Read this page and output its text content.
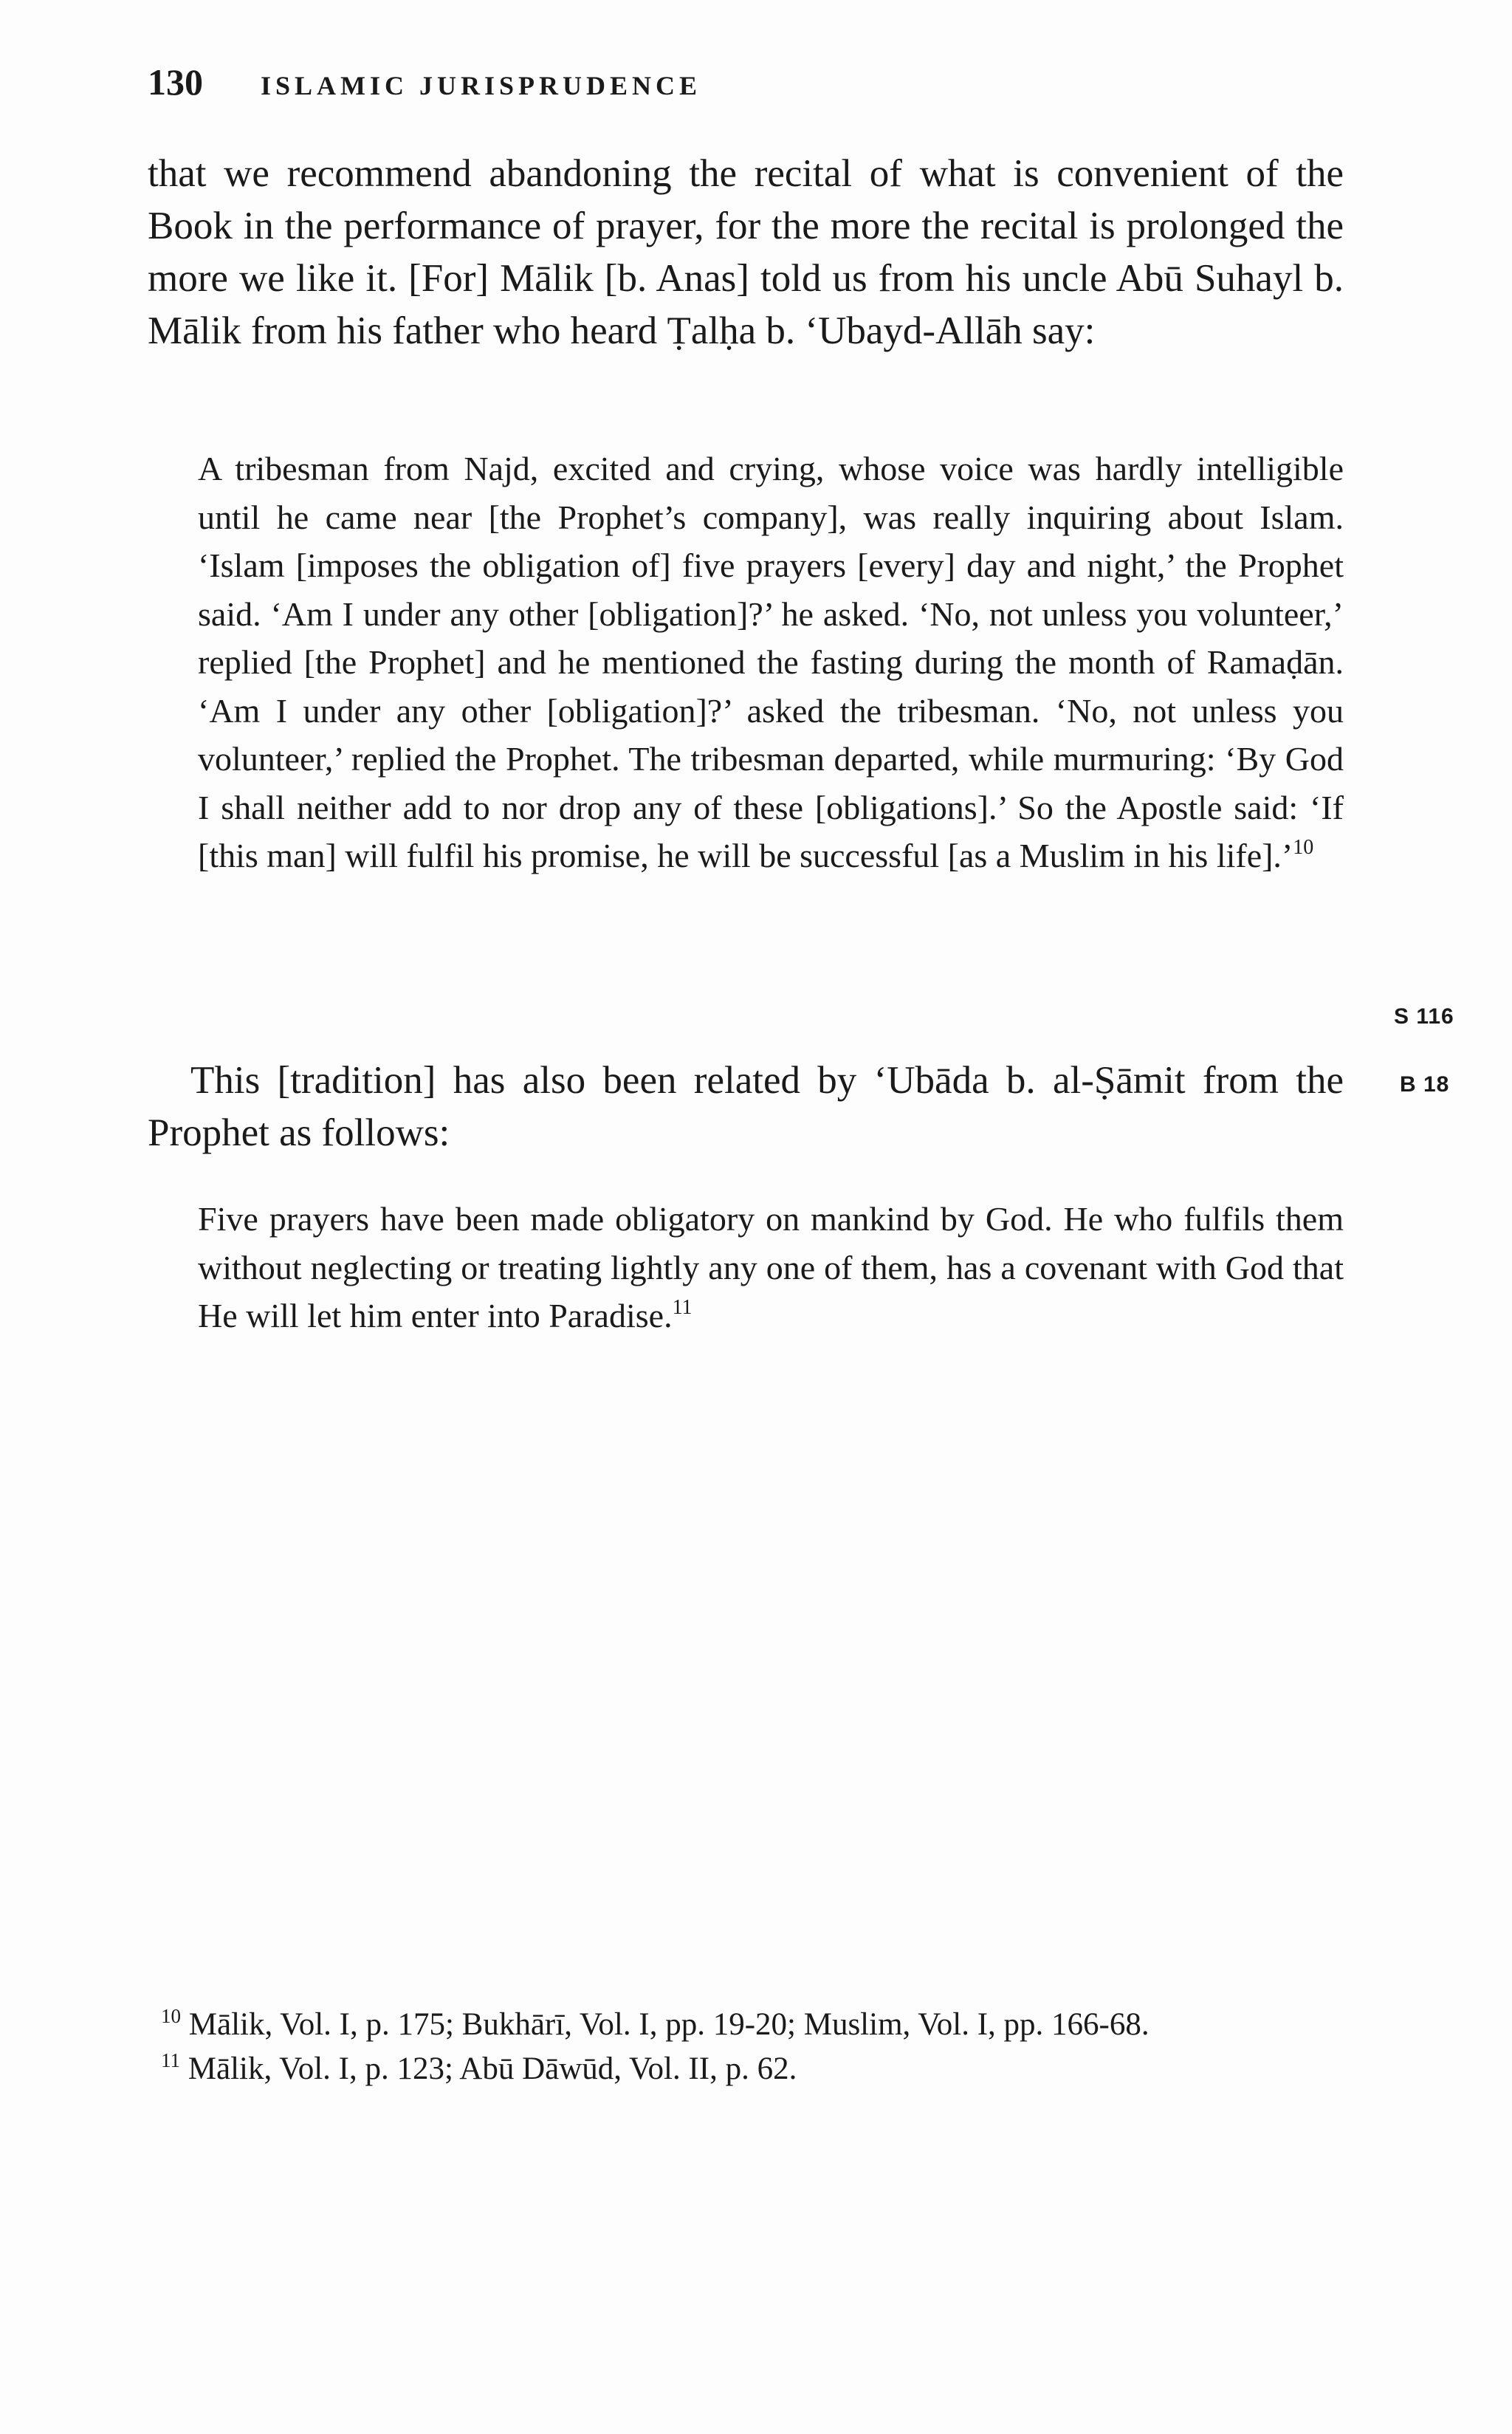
130 ISLAMIC JURISPRUDENCE

that we recommend abandoning the recital of what is convenient of the Book in the performance of prayer, for the more the recital is prolonged the more we like it. [For] Mālik [b. Anas] told us from his uncle Abū Suhayl b. Mālik from his father who heard Ṭalḥa b. ‘Ubayd-Allāh say:

A tribesman from Najd, excited and crying, whose voice was hardly intelligible until he came near [the Prophet’s company], was really inquiring about Islam. ‘Islam [imposes the obligation of] five prayers [every] day and night,’ the Prophet said. ‘Am I under any other [obligation]?’ he asked. ‘No, not unless you volunteer,’ replied [the Prophet] and he mentioned the fasting during the month of Ramaḍān. ‘Am I under any other [obligation]?’ asked the tribesman. ‘No, not unless you volunteer,’ replied the Prophet. The tribesman departed, while murmuring: ‘By God I shall neither add to nor drop any of these [obligations].’ So the Apostle said: ‘If [this man] will fulfil his promise, he will be successful [as a Muslim in his life].’$^{10}$

S 116
B 18

This [tradition] has also been related by ‘Ubāda b. al-Ṣāmit from the Prophet as follows:

Five prayers have been made obligatory on mankind by God. He who fulfils them without neglecting or treating lightly any one of them, has a covenant with God that He will let him enter into Paradise.$^{11}$

$^{10}$ Mālik, Vol. I, p. 175; Bukhārī, Vol. I, pp. 19-20; Muslim, Vol. I, pp. 166-68.

$^{11}$ Mālik, Vol. I, p. 123; Abū Dāwūd, Vol. II, p. 62.
